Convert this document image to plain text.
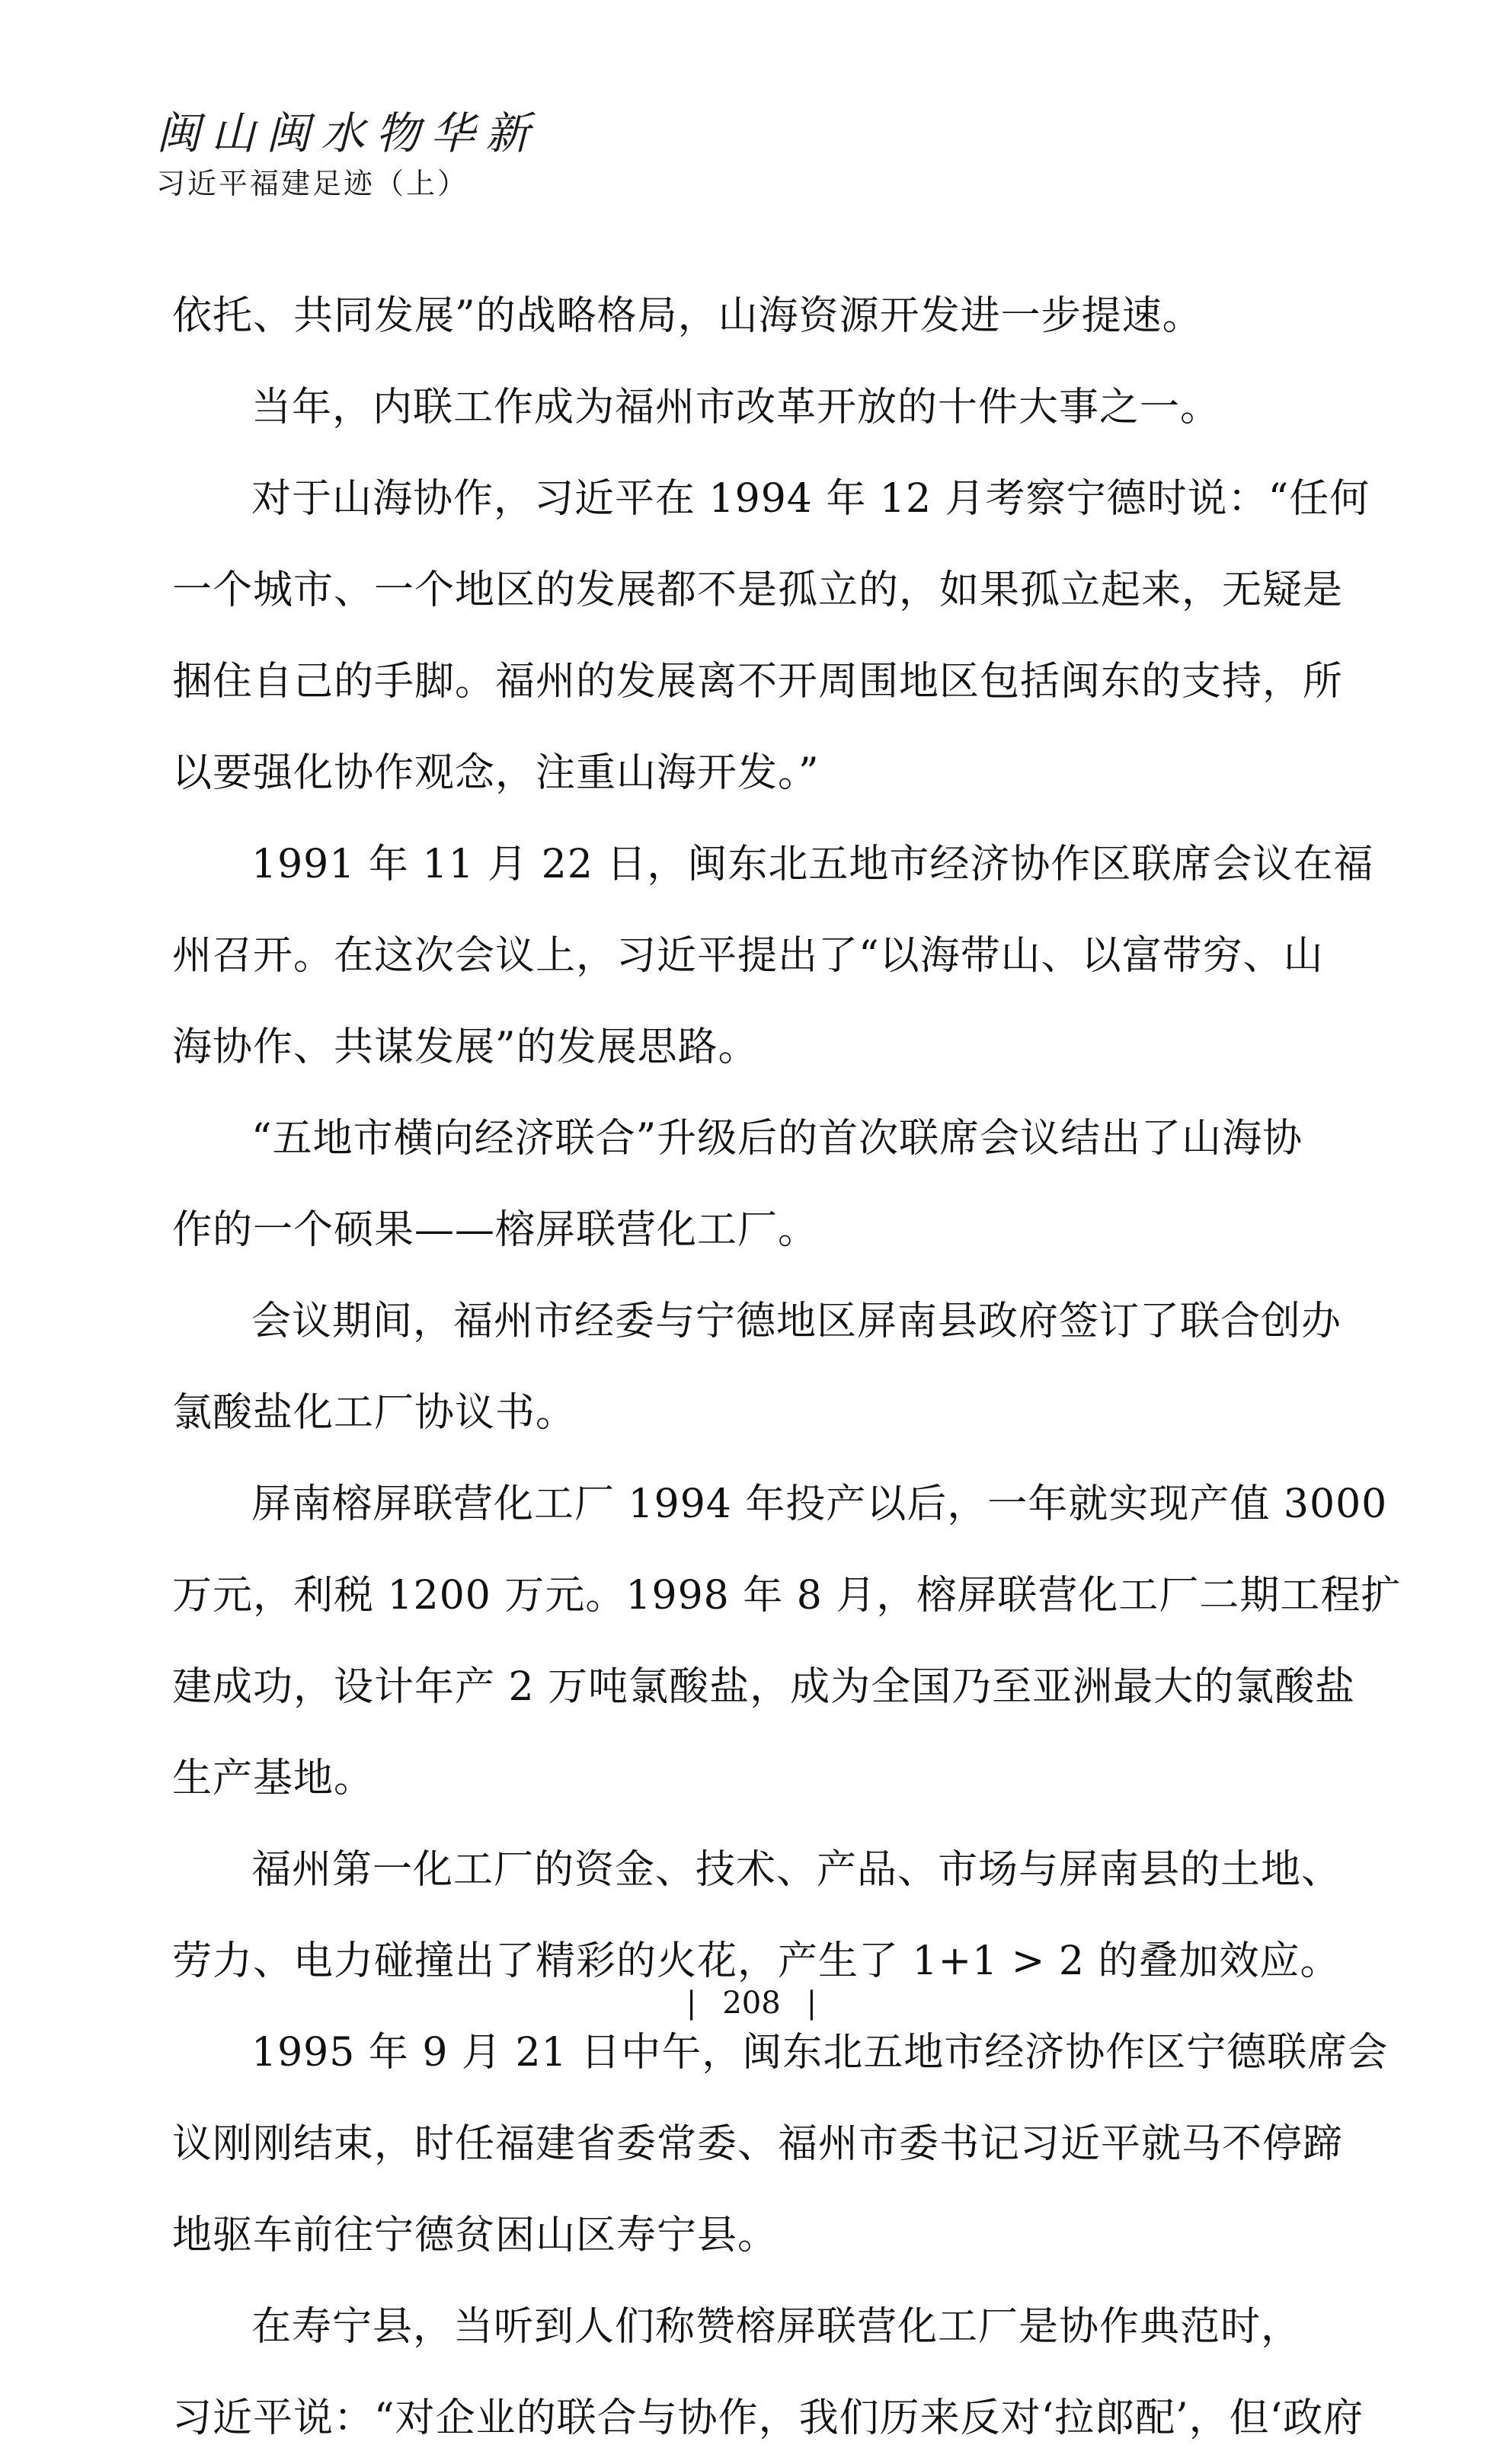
闽山闽水物华新
习近平福建足迹（上）
依托、共同发展”的战略格局，山海资源开发进一步提速。
当年，内联工作成为福州市改革开放的十件大事之一。
对于山海协作，习近平在 1994 年 12 月考察宁德时说：“任何
一个城市、一个地区的发展都不是孤立的，如果孤立起来，无疑是
捆住自己的手脚。福州的发展离不开周围地区包括闽东的支持，所
以要强化协作观念，注重山海开发。”
1991 年 11 月 22 日，闽东北五地市经济协作区联席会议在福
州召开。在这次会议上，习近平提出了“以海带山、以富带穷、山
海协作、共谋发展”的发展思路。
“五地市横向经济联合”升级后的首次联席会议结出了山海协
作的一个硕果——榕屏联营化工厂。
会议期间，福州市经委与宁德地区屏南县政府签订了联合创办
氯酸盐化工厂协议书。
屏南榕屏联营化工厂 1994 年投产以后，一年就实现产值 3000
万元，利税 1200 万元。1998 年 8 月，榕屏联营化工厂二期工程扩
建成功，设计年产 2 万吨氯酸盐，成为全国乃至亚洲最大的氯酸盐
生产基地。
福州第一化工厂的资金、技术、产品、市场与屏南县的土地、
劳力、电力碰撞出了精彩的火花，产生了 1+1 > 2 的叠加效应。
1995 年 9 月 21 日中午，闽东北五地市经济协作区宁德联席会
议刚刚结束，时任福建省委常委、福州市委书记习近平就马不停蹄
地驱车前往宁德贫困山区寿宁县。
在寿宁县，当听到人们称赞榕屏联营化工厂是协作典范时，
习近平说：“对企业的联合与协作，我们历来反对‘拉郎配’，但‘政府
| 208 |
